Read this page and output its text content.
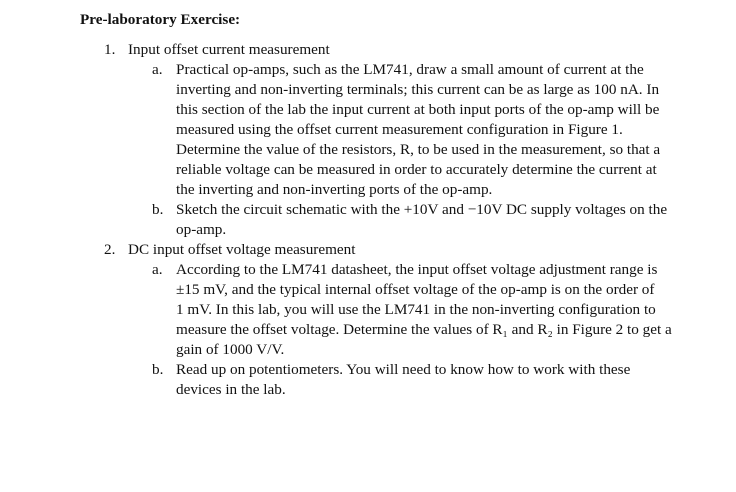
Pre-laboratory Exercise:
1. Input offset current measurement
a. Practical op-amps, such as the LM741, draw a small amount of current at the
inverting and non-inverting terminals; this current can be as large as 100 nA. In
this section of the lab the input current at both input ports of the op-amp will be
measured using the offset current measurement configuration in Figure 1.
Determine the value of the resistors, R, to be used in the measurement, so that a
reliable voltage can be measured in order to accurately determine the current at
the inverting and non-inverting ports of the op-amp.
b. Sketch the circuit schematic with the +10V and −10V DC supply voltages on the
op-amp.
2. DC input offset voltage measurement
a. According to the LM741 datasheet, the input offset voltage adjustment range is
±15 mV, and the typical internal offset voltage of the op-amp is on the order of
1 mV. In this lab, you will use the LM741 in the non-inverting configuration to
measure the offset voltage. Determine the values of R₁ and R₂ in Figure 2 to get a
gain of 1000 V/V.
b. Read up on potentiometers. You will need to know how to work with these
devices in the lab.
